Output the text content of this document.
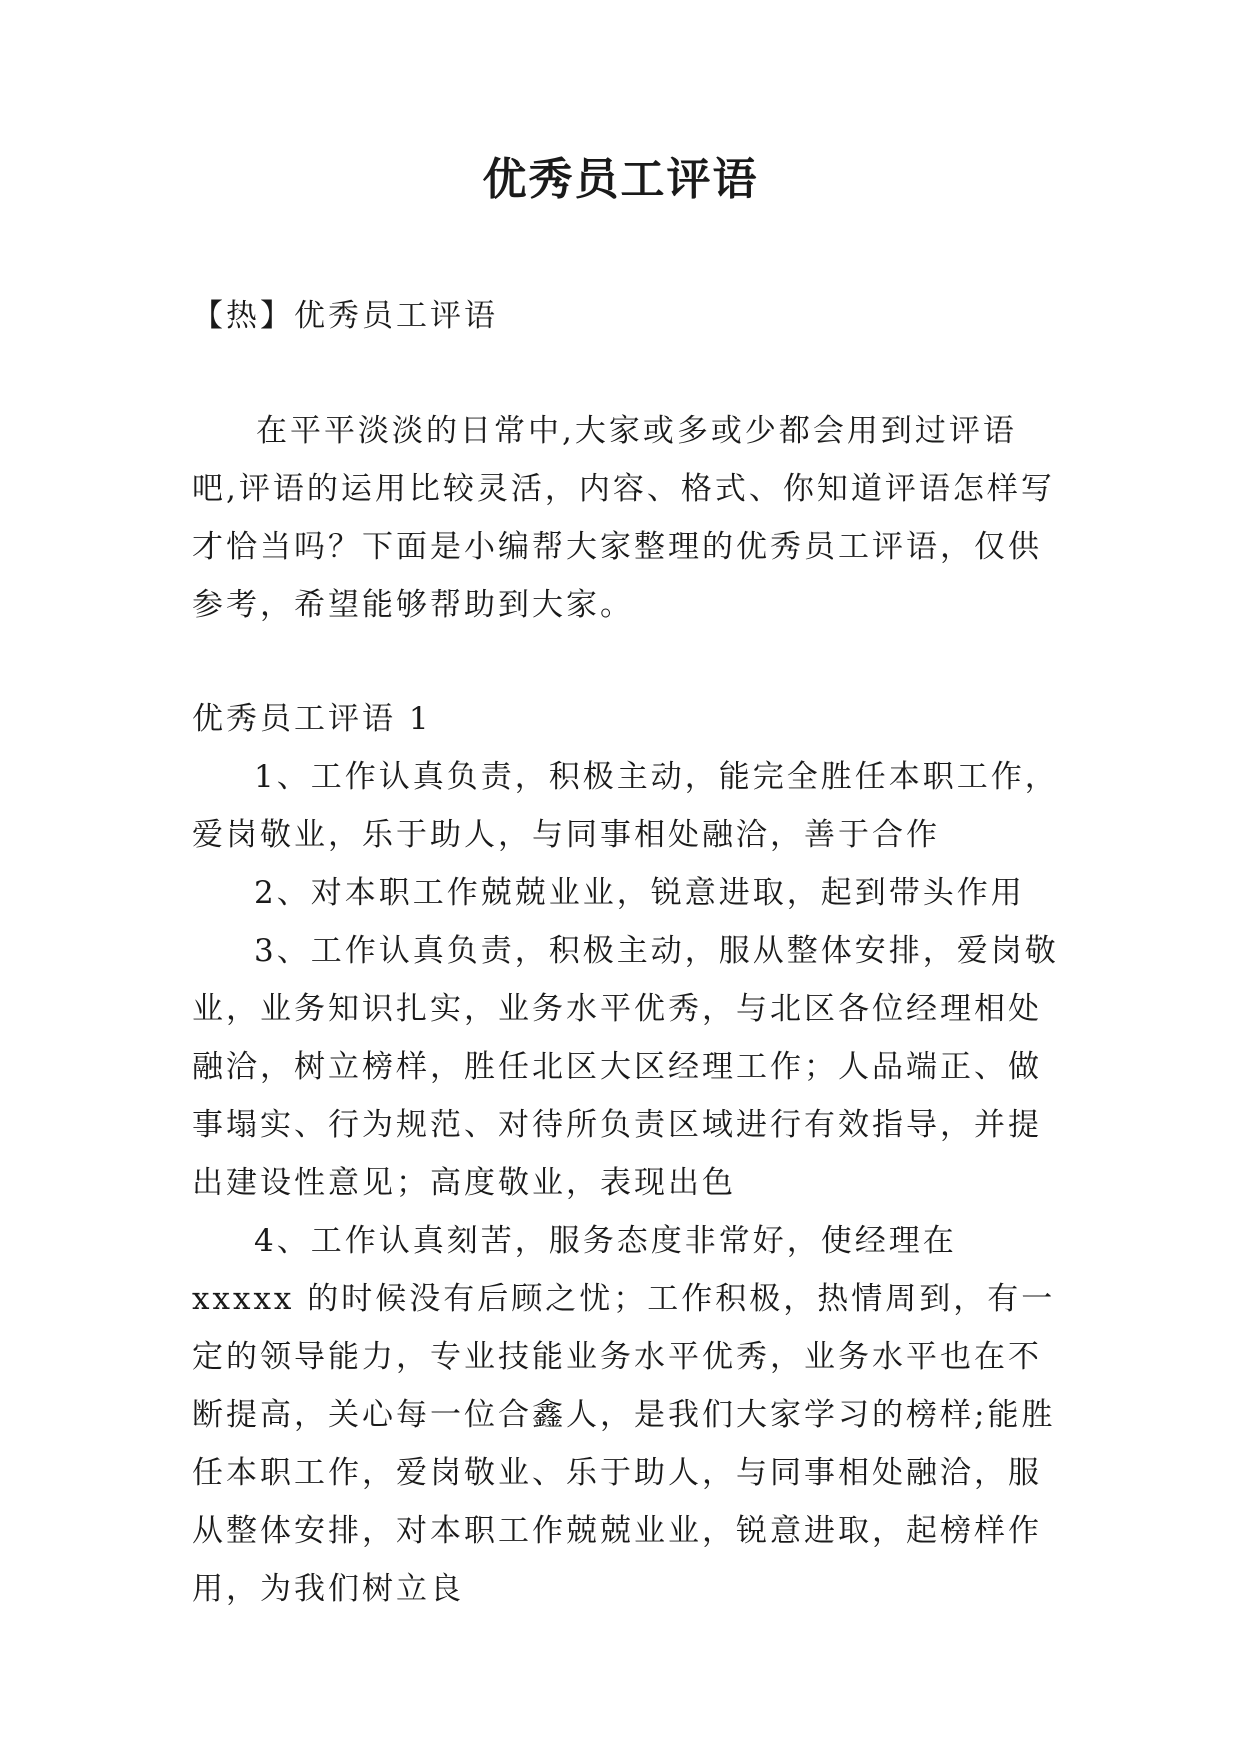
优秀员工评语

【热】优秀员工评语

在平平淡淡的日常中,大家或多或少都会用到过评语吧,评语的运用比较灵活，内容、格式、你知道评语怎样写才恰当吗？下面是小编帮大家整理的优秀员工评语，仅供参考，希望能够帮助到大家。

优秀员工评语 1

1、工作认真负责，积极主动，能完全胜任本职工作，爱岗敬业，乐于助人，与同事相处融洽，善于合作
2、对本职工作兢兢业业，锐意进取，起到带头作用
3、工作认真负责，积极主动，服从整体安排，爱岗敬业，业务知识扎实，业务水平优秀，与北区各位经理相处融洽，树立榜样，胜任北区大区经理工作；人品端正、做事塌实、行为规范、对待所负责区域进行有效指导，并提出建设性意见；高度敬业，表现出色
4、工作认真刻苦，服务态度非常好，使经理在 xxxxx 的时候没有后顾之忧；工作积极，热情周到，有一定的领导能力，专业技能业务水平优秀，业务水平也在不断提高，关心每一位合鑫人，是我们大家学习的榜样;能胜任本职工作，爱岗敬业、乐于助人，与同事相处融洽，服从整体安排，对本职工作兢兢业业，锐意进取，起榜样作用，为我们树立良
